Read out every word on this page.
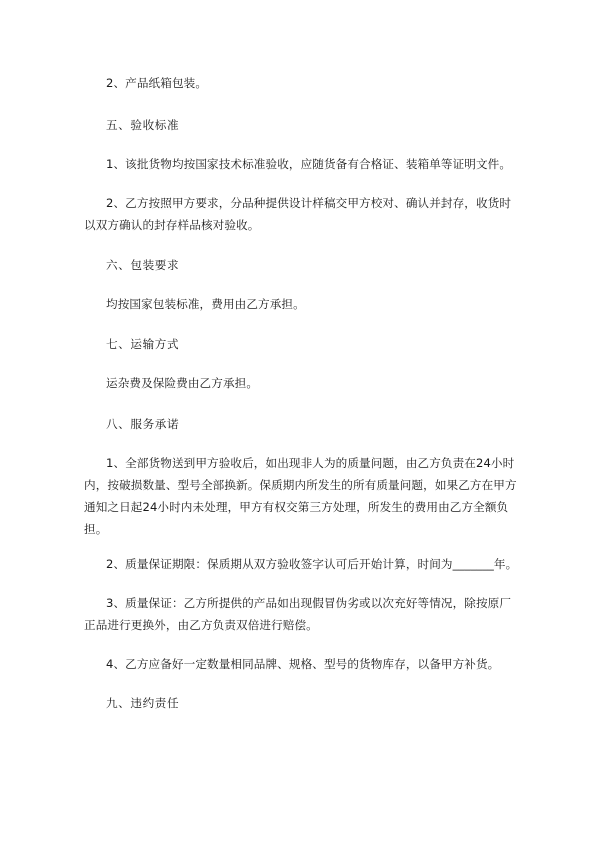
2、产品纸箱包装。

五、验收标准

1、该批货物均按国家技术标准验收，应随货备有合格证、装箱单等证明文件。

2、乙方按照甲方要求，分品种提供设计样稿交甲方校对、确认并封存，收货时以双方确认的封存样品核对验收。

六、包装要求

均按国家包装标准，费用由乙方承担。

七、运输方式

运杂费及保险费由乙方承担。

八、服务承诺

1、全部货物送到甲方验收后，如出现非人为的质量问题，由乙方负责在24小时内，按破损数量、型号全部换新。保质期内所发生的所有质量问题，如果乙方在甲方通知之日起24小时内未处理，甲方有权交第三方处理，所发生的费用由乙方全额负担。

2、质量保证期限：保质期从双方验收签字认可后开始计算，时间为_______年。

3、质量保证：乙方所提供的产品如出现假冒伪劣或以次充好等情况，除按原厂正品进行更换外，由乙方负责双倍进行赔偿。

4、乙方应备好一定数量相同品牌、规格、型号的货物库存，以备甲方补货。

九、违约责任
